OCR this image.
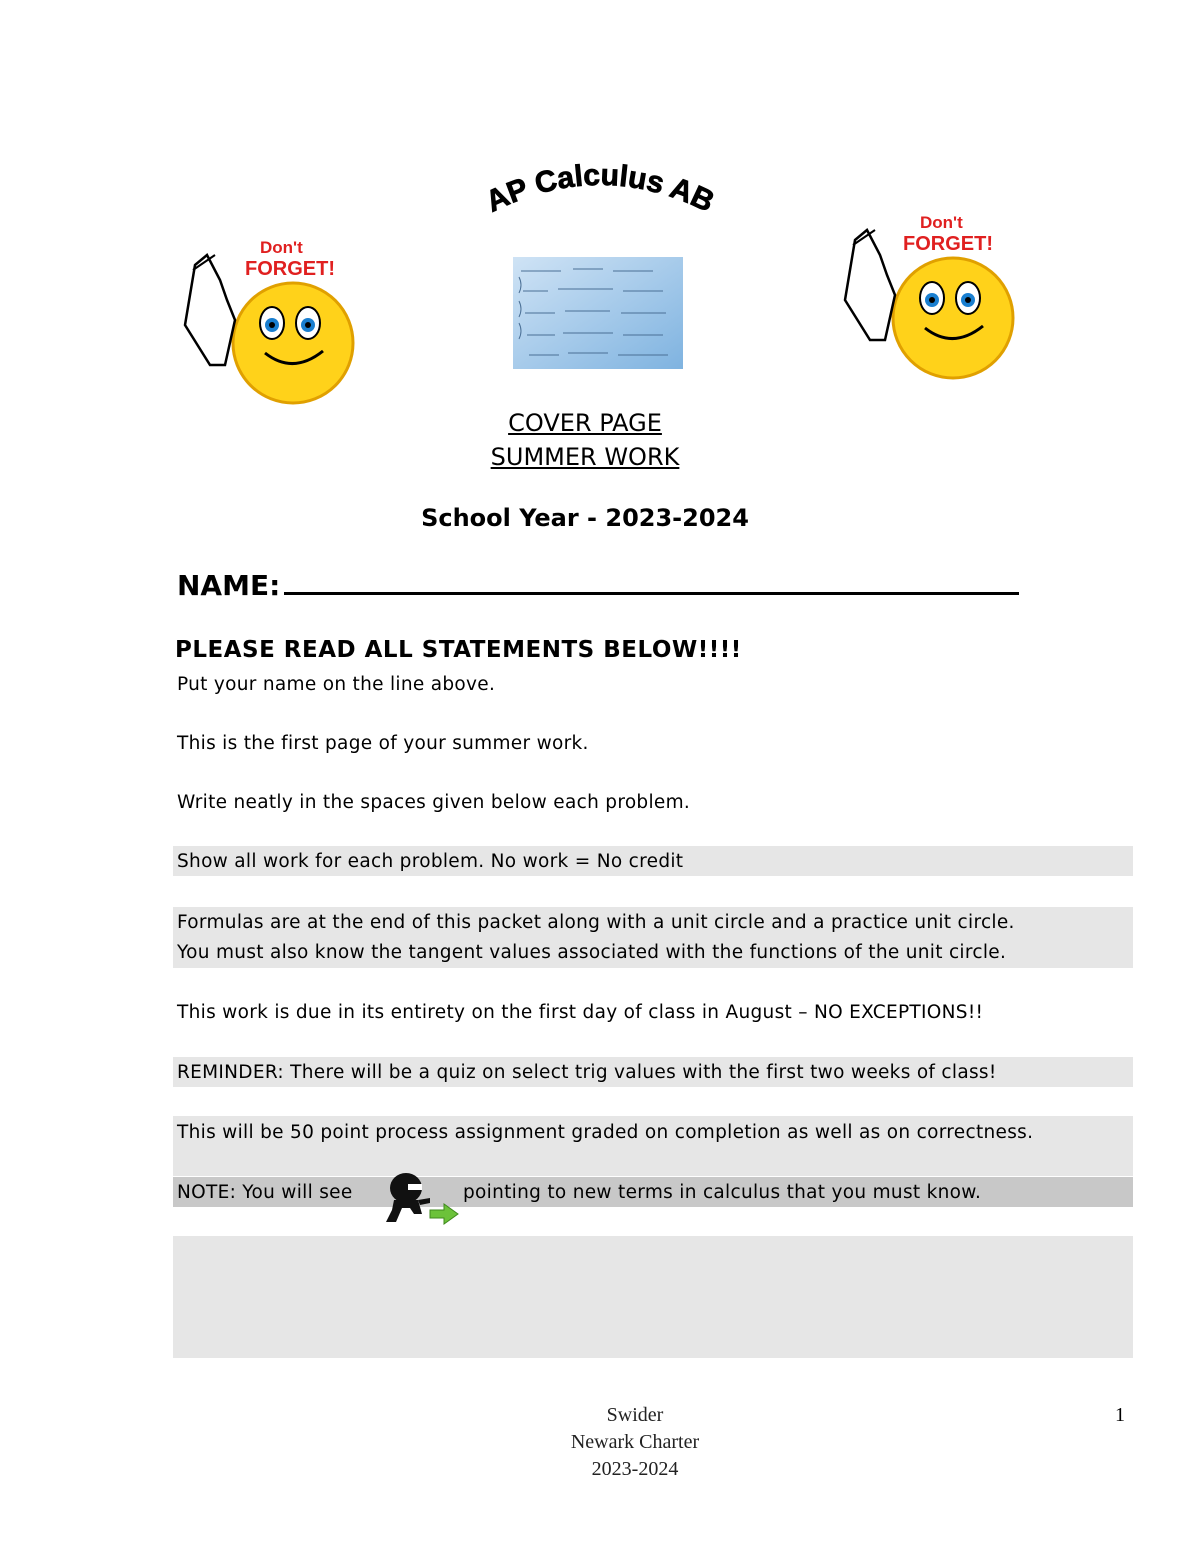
AP Calculus AB
Don't
FORGET!
Don't
FORGET!
COVER PAGE
SUMMER WORK
School Year - 2023-2024
NAME:
PLEASE READ ALL STATEMENTS BELOW!!!!
Put your name on the line above.
This is the first page of your summer work.
Write neatly in the spaces given below each problem.
Show all work for each problem. No work = No credit
Formulas are at the end of this packet along with a unit circle and a practice unit circle.
You must also know the tangent values associated with the functions of the unit circle.
This work is due in its entirety on the first day of class in August – NO EXCEPTIONS!!
REMINDER: There will be a quiz on select trig values with the first two weeks of class!
This will be 50 point process assignment graded on completion as well as on correctness.
NOTE: You will see	pointing to new terms in calculus that you must know.
Swider
Newark Charter
2023-2024
1
